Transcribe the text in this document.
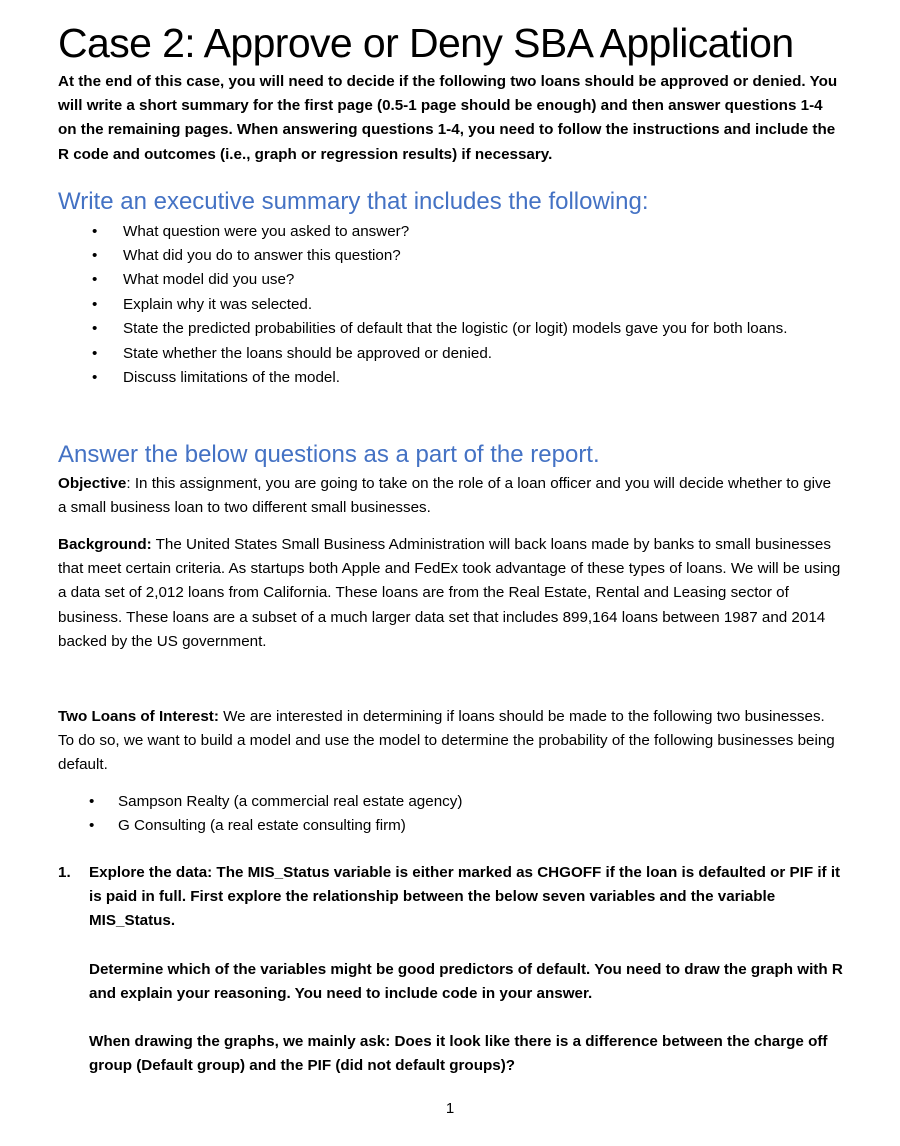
Case 2: Approve or Deny SBA Application

At the end of this case, you will need to decide if the following two loans should be approved or denied. You will write a short summary for the first page (0.5-1 page should be enough) and then answer questions 1-4 on the remaining pages. When answering questions 1-4, you need to follow the instructions and include the R code and outcomes (i.e., graph or regression results) if necessary.

Write an executive summary that includes the following:
• What question were you asked to answer?
• What did you do to answer this question?
• What model did you use?
• Explain why it was selected.
• State the predicted probabilities of default that the logistic (or logit) models gave you for both loans.
• State whether the loans should be approved or denied.
• Discuss limitations of the model.
Answer the below questions as a part of the report.

Objective: In this assignment, you are going to take on the role of a loan officer and you will decide whether to give a small business loan to two different small businesses.

Background: The United States Small Business Administration will back loans made by banks to small businesses that meet certain criteria. As startups both Apple and FedEx took advantage of these types of loans. We will be using a data set of 2,012 loans from California. These loans are from the Real Estate, Rental and Leasing sector of business. These loans are a subset of a much larger data set that includes 899,164 loans between 1987 and 2014 backed by the US government.

Two Loans of Interest: We are interested in determining if loans should be made to the following two businesses. To do so, we want to build a model and use the model to determine the probability of the following businesses being default.

• Sampson Realty (a commercial real estate agency)
• G Consulting (a real estate consulting firm)
1. Explore the data: The MIS_Status variable is either marked as CHGOFF if the loan is defaulted or PIF if it is paid in full. First explore the relationship between the below seven variables and the variable MIS_Status.

Determine which of the variables might be good predictors of default. You need to draw the graph with R and explain your reasoning. You need to include code in your answer.

When drawing the graphs, we mainly ask: Does it look like there is a difference between the charge off group (Default group) and the PIF (did not default groups)?

1
